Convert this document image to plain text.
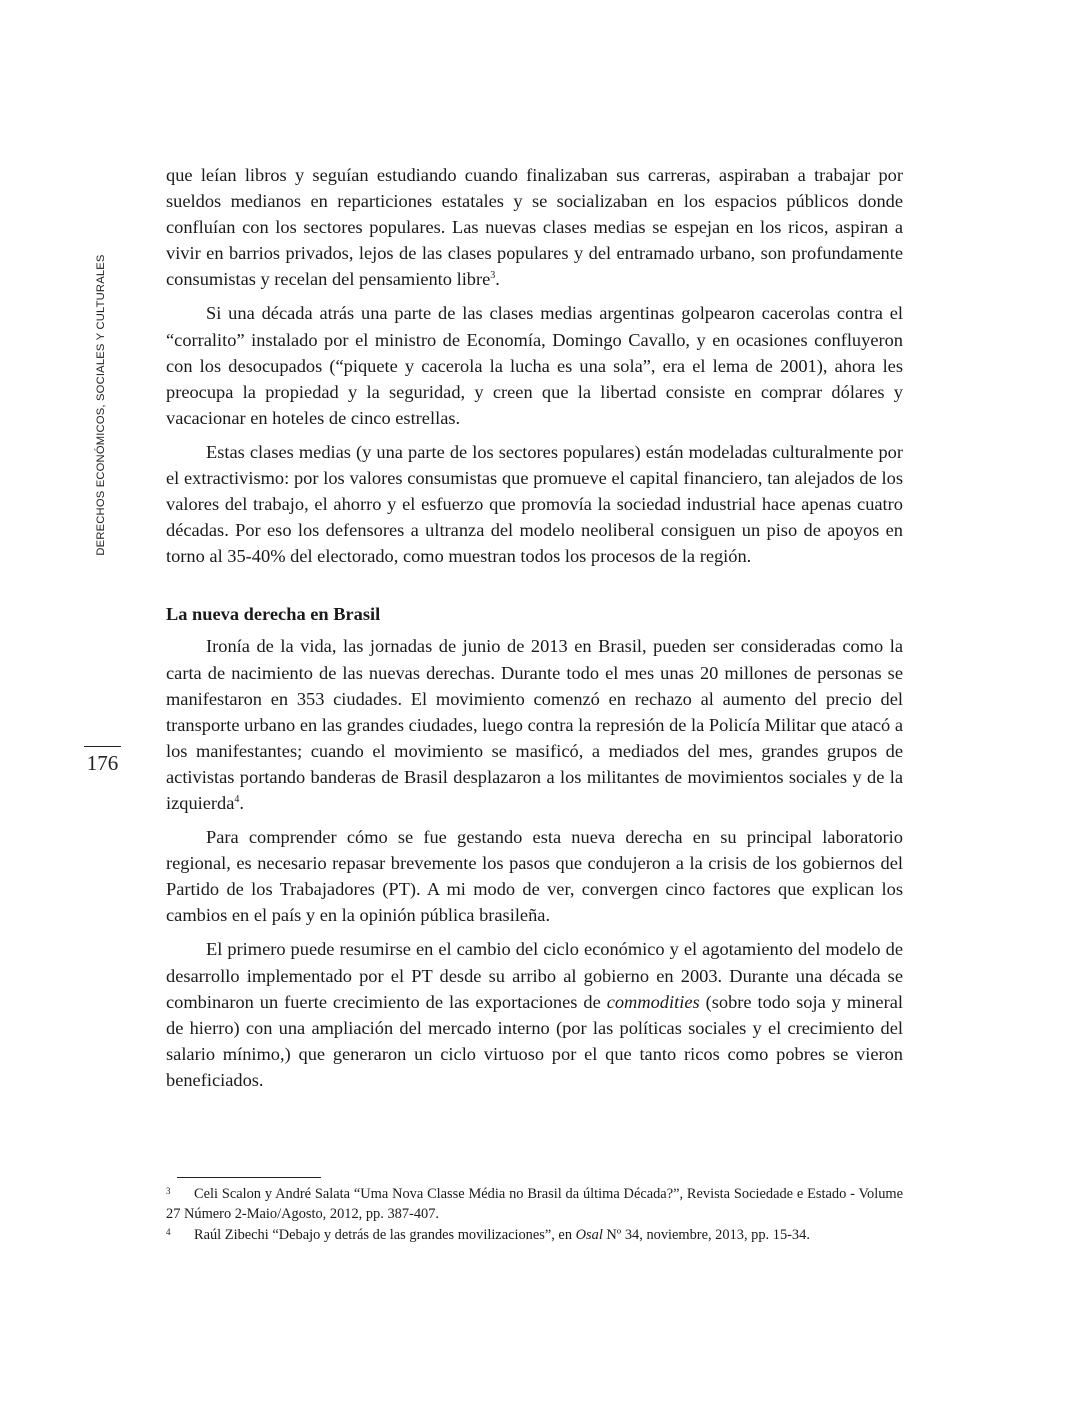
DERECHOS ECONÓMICOS, SOCIALES Y CULTURALES
176

que leían libros y seguían estudiando cuando finalizaban sus carreras, aspiraban a trabajar por sueldos medianos en reparticiones estatales y se socializaban en los espacios públicos donde confluían con los sectores populares. Las nuevas clases medias se espejan en los ricos, aspiran a vivir en barrios privados, lejos de las clases populares y del entramado urbano, son profundamente consumistas y recelan del pensamiento libre$^3$.

Si una década atrás una parte de las clases medias argentinas golpearon cacerolas contra el “corralito” instalado por el ministro de Economía, Domingo Cavallo, y en ocasiones confluyeron con los desocupados (“piquete y cacerola la lucha es una sola”, era el lema de 2001), ahora les preocupa la propiedad y la seguridad, y creen que la libertad consiste en comprar dólares y vacacionar en hoteles de cinco estrellas.

Estas clases medias (y una parte de los sectores populares) están modeladas culturalmente por el extractivismo: por los valores consumistas que promueve el capital financiero, tan alejados de los valores del trabajo, el ahorro y el esfuerzo que promovía la sociedad industrial hace apenas cuatro décadas. Por eso los defensores a ultranza del modelo neoliberal consiguen un piso de apoyos en torno al 35-40% del electorado, como muestran todos los procesos de la región.

La nueva derecha en Brasil

Ironía de la vida, las jornadas de junio de 2013 en Brasil, pueden ser consideradas como la carta de nacimiento de las nuevas derechas. Durante todo el mes unas 20 millones de personas se manifestaron en 353 ciudades. El movimiento comenzó en rechazo al aumento del precio del transporte urbano en las grandes ciudades, luego contra la represión de la Policía Militar que atacó a los manifestantes; cuando el movimiento se masificó, a mediados del mes, grandes grupos de activistas portando banderas de Brasil desplazaron a los militantes de movimientos sociales y de la izquierda$^4$.

Para comprender cómo se fue gestando esta nueva derecha en su principal laboratorio regional, es necesario repasar brevemente los pasos que condujeron a la crisis de los gobiernos del Partido de los Trabajadores (PT). A mi modo de ver, convergen cinco factores que explican los cambios en el país y en la opinión pública brasileña.

El primero puede resumirse en el cambio del ciclo económico y el agotamiento del modelo de desarrollo implementado por el PT desde su arribo al gobierno en 2003. Durante una década se combinaron un fuerte crecimiento de las exportaciones de commodities (sobre todo soja y mineral de hierro) con una ampliación del mercado interno (por las políticas sociales y el crecimiento del salario mínimo,) que generaron un ciclo virtuoso por el que tanto ricos como pobres se vieron beneficiados.

3 Celi Scalon y André Salata “Uma Nova Classe Média no Brasil da última Década?”, Revista Sociedade e Estado - Volume 27 Número 2-Maio/Agosto, 2012, pp. 387-407.

4 Raúl Zibechi “Debajo y detrás de las grandes movilizaciones”, en Osal Nº 34, noviembre, 2013, pp. 15-34.
